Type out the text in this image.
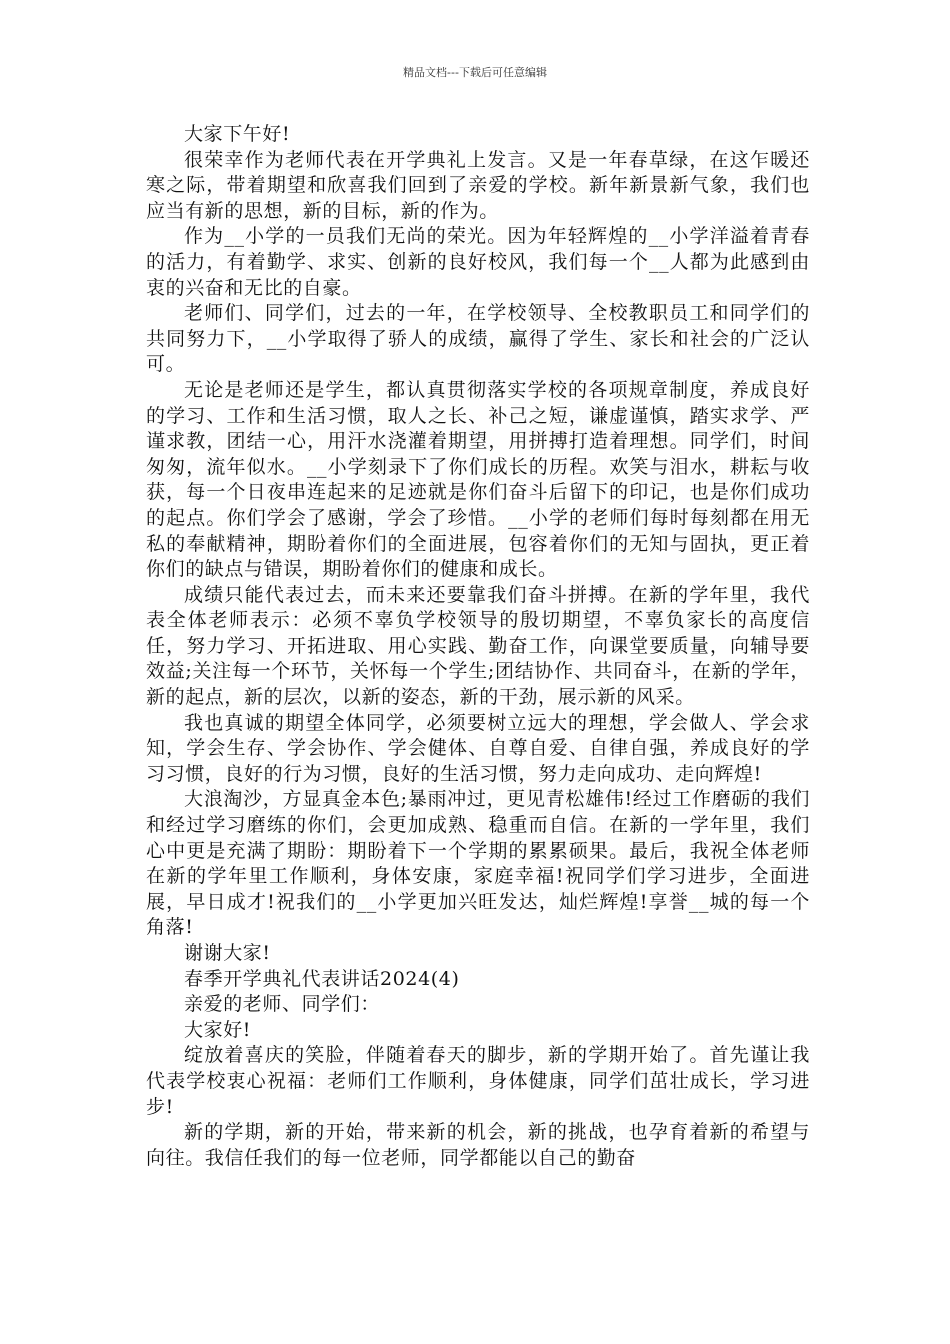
精品文档---下载后可任意编辑

大家下午好!

很荣幸作为老师代表在开学典礼上发言。又是一年春草绿，在这乍暖还寒之际，带着期望和欣喜我们回到了亲爱的学校。新年新景新气象，我们也应当有新的思想，新的目标，新的作为。

作为__小学的一员我们无尚的荣光。因为年轻辉煌的__小学洋溢着青春的活力，有着勤学、求实、创新的良好校风，我们每一个__人都为此感到由衷的兴奋和无比的自豪。

老师们、同学们，过去的一年，在学校领导、全校教职员工和同学们的共同努力下，__小学取得了骄人的成绩，赢得了学生、家长和社会的广泛认可。

无论是老师还是学生，都认真贯彻落实学校的各项规章制度，养成良好的学习、工作和生活习惯，取人之长、补己之短，谦虚谨慎，踏实求学、严谨求教，团结一心，用汗水浇灌着期望，用拼搏打造着理想。同学们，时间匆匆，流年似水。__小学刻录下了你们成长的历程。欢笑与泪水，耕耘与收获，每一个日夜串连起来的足迹就是你们奋斗后留下的印记，也是你们成功的起点。你们学会了感谢，学会了珍惜。__小学的老师们每时每刻都在用无私的奉献精神，期盼着你们的全面进展，包容着你们的无知与固执，更正着你们的缺点与错误，期盼着你们的健康和成长。

成绩只能代表过去，而未来还要靠我们奋斗拼搏。在新的学年里，我代表全体老师表示：必须不辜负学校领导的殷切期望，不辜负家长的高度信任，努力学习、开拓进取、用心实践、勤奋工作，向课堂要质量，向辅导要效益;关注每一个环节，关怀每一个学生;团结协作、共同奋斗，在新的学年，新的起点，新的层次，以新的姿态，新的干劲，展示新的风采。

我也真诚的期望全体同学，必须要树立远大的理想，学会做人、学会求知，学会生存、学会协作、学会健体、自尊自爱、自律自强，养成良好的学习习惯，良好的行为习惯，良好的生活习惯，努力走向成功、走向辉煌!

大浪淘沙，方显真金本色;暴雨冲过，更见青松雄伟!经过工作磨砺的我们和经过学习磨练的你们，会更加成熟、稳重而自信。在新的一学年里，我们心中更是充满了期盼：期盼着下一个学期的累累硕果。最后，我祝全体老师在新的学年里工作顺利，身体安康，家庭幸福!祝同学们学习进步，全面进展，早日成才!祝我们的__小学更加兴旺发达，灿烂辉煌!享誉__城的每一个角落!

谢谢大家!

春季开学典礼代表讲话2024(4)

亲爱的老师、同学们：

大家好!

绽放着喜庆的笑脸，伴随着春天的脚步，新的学期开始了。首先谨让我代表学校衷心祝福：老师们工作顺利，身体健康，同学们茁壮成长，学习进步!

新的学期，新的开始，带来新的机会，新的挑战，也孕育着新的希望与向往。我信任我们的每一位老师，同学都能以自己的勤奋
